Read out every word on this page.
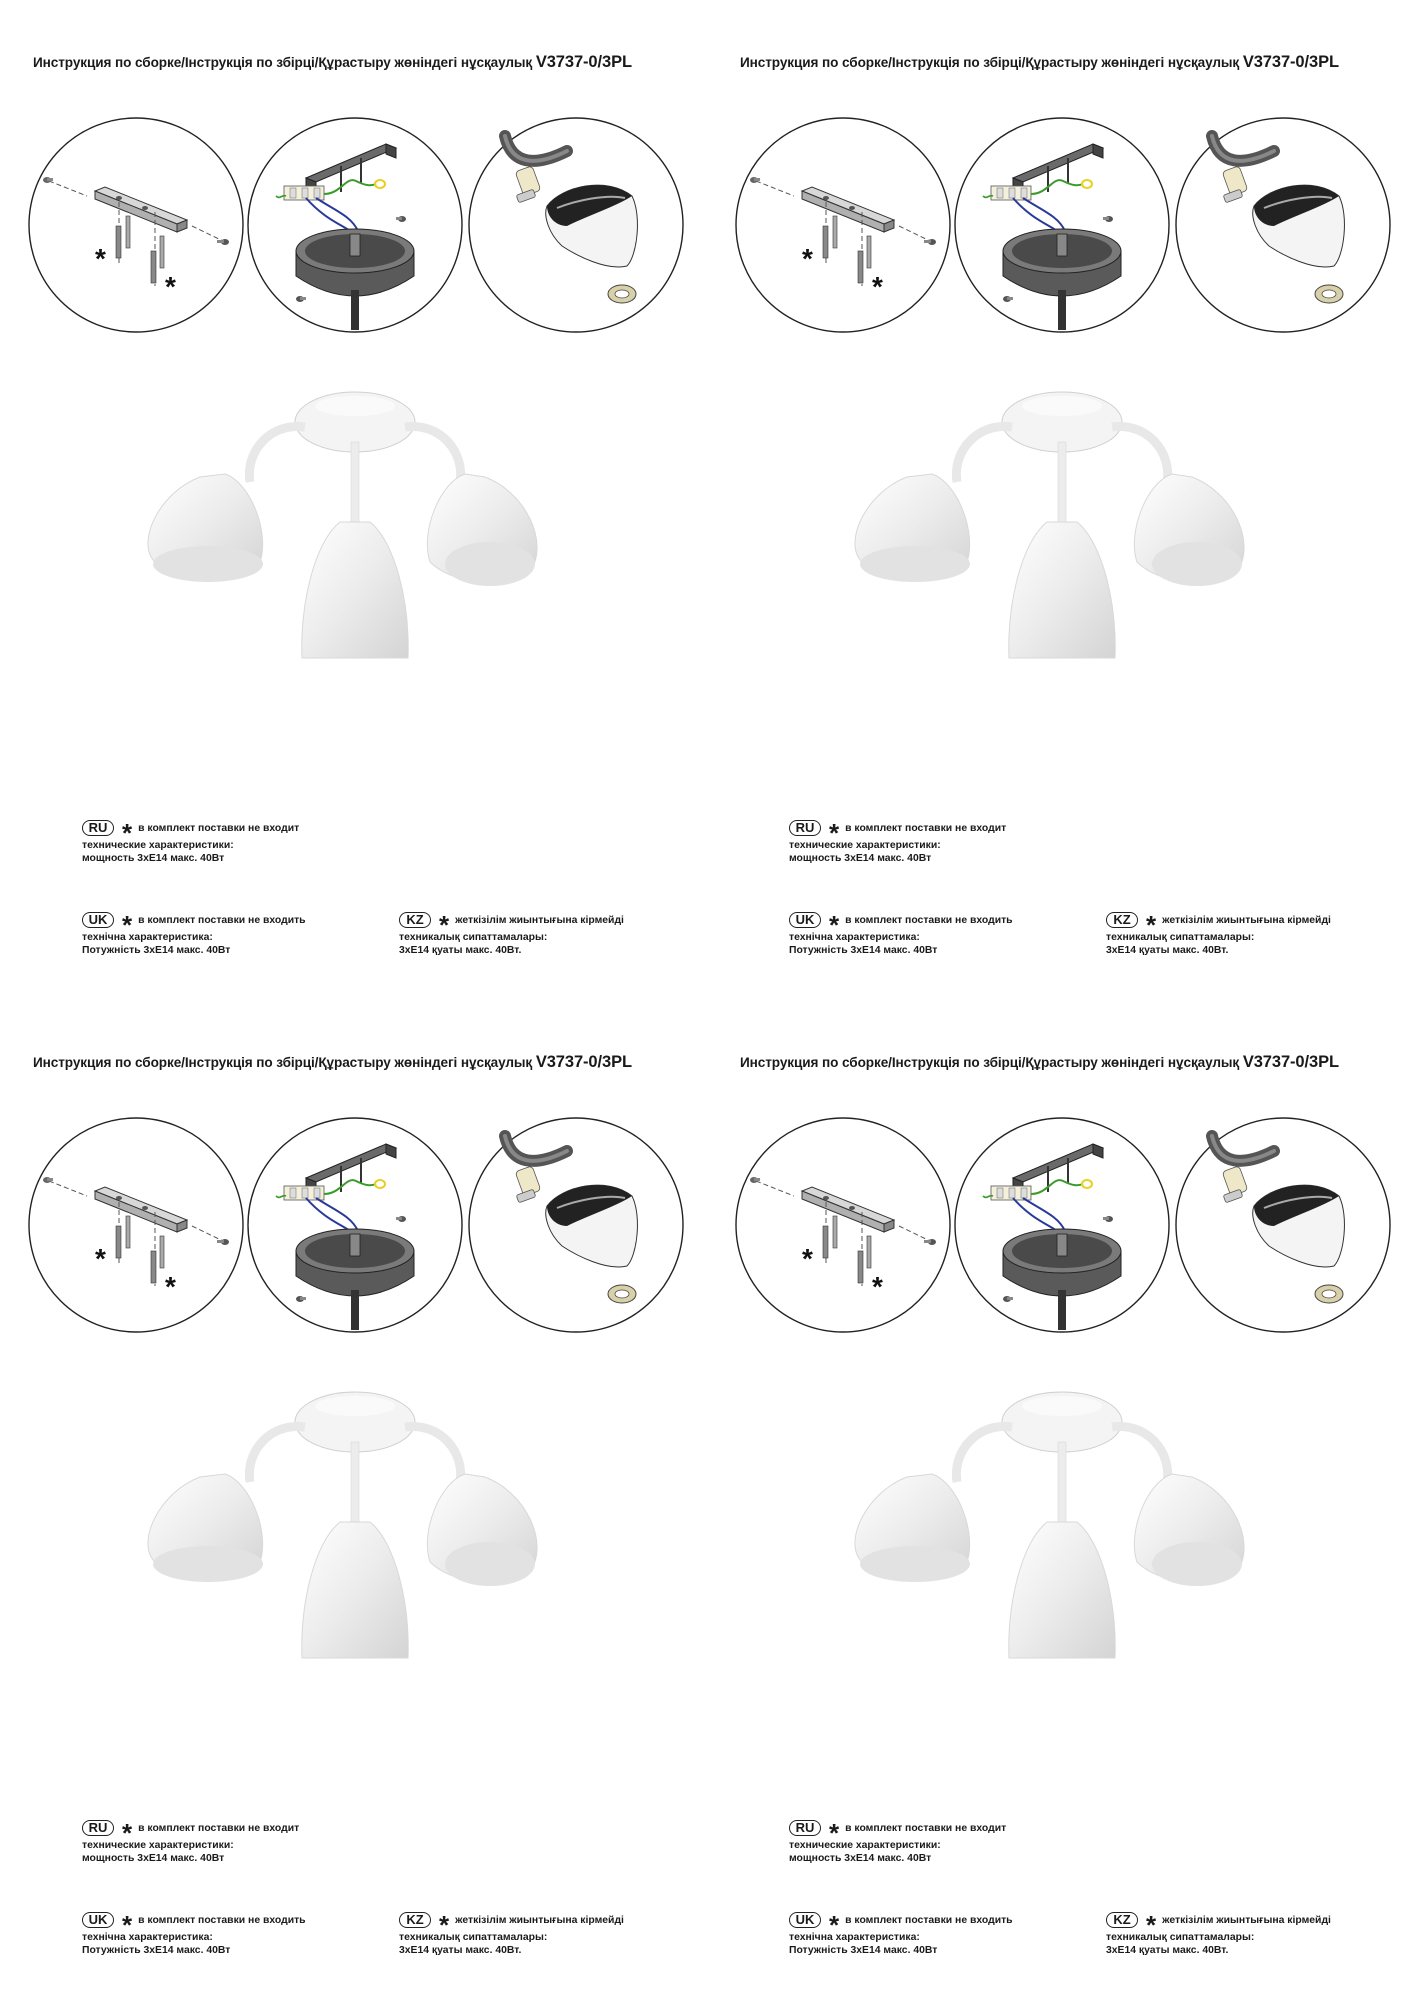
Инструкция по сборке/Інструкція по збірці/Құрастыру жөніндегі нұсқаулық V3737-0/3PL
*
*
RU * в комплект поставки не входит
технические характеристики:
мощность 3xE14 макс. 40Вт
UK * в комплект поставки не входить
технічна характеристика:
Потужність 3xE14 макс. 40Вт
KZ * жеткізілім жиынтығына кірмейді
техникалық сипаттамалары:
3xE14 қуаты макс. 40Вт.
Инструкция по сборке/Інструкція по збірці/Құрастыру жөніндегі нұсқаулық V3737-0/3PL
*
*
RU * в комплект поставки не входит
технические характеристики:
мощность 3xE14 макс. 40Вт
UK * в комплект поставки не входить
технічна характеристика:
Потужність 3xE14 макс. 40Вт
KZ * жеткізілім жиынтығына кірмейді
техникалық сипаттамалары:
3xE14 қуаты макс. 40Вт.
Инструкция по сборке/Інструкція по збірці/Құрастыру жөніндегі нұсқаулық V3737-0/3PL
*
*
RU * в комплект поставки не входит
технические характеристики:
мощность 3xE14 макс. 40Вт
UK * в комплект поставки не входить
технічна характеристика:
Потужність 3xE14 макс. 40Вт
KZ * жеткізілім жиынтығына кірмейді
техникалық сипаттамалары:
3xE14 қуаты макс. 40Вт.
Инструкция по сборке/Інструкція по збірці/Құрастыру жөніндегі нұсқаулық V3737-0/3PL
*
*
RU * в комплект поставки не входит
технические характеристики:
мощность 3xE14 макс. 40Вт
UK * в комплект поставки не входить
технічна характеристика:
Потужність 3xE14 макс. 40Вт
KZ * жеткізілім жиынтығына кірмейді
техникалық сипаттамалары:
3xE14 қуаты макс. 40Вт.
